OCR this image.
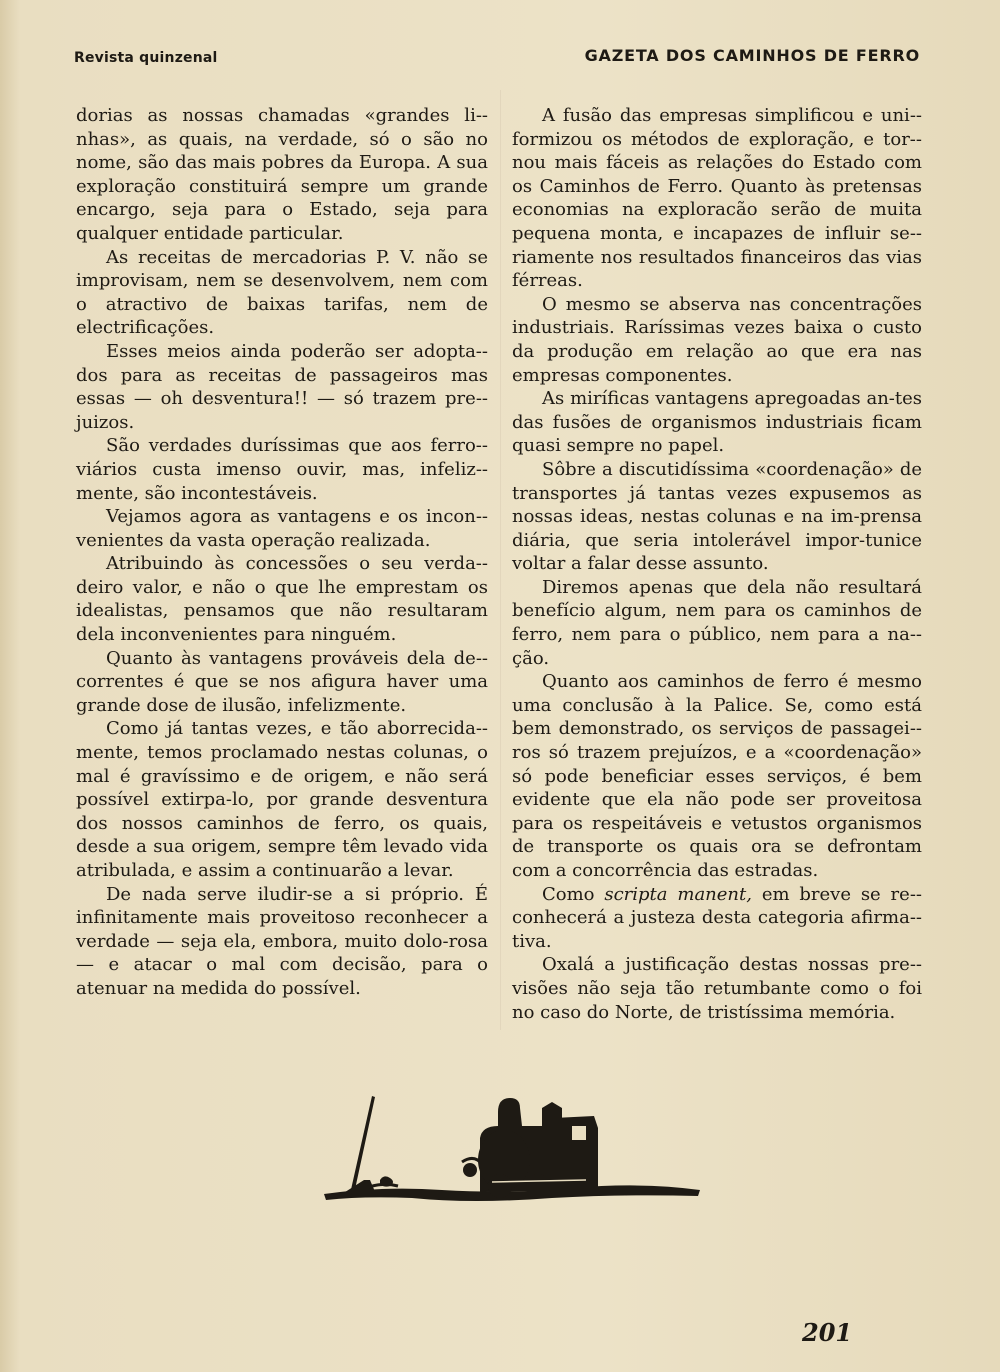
Revista quinzenal	GAZETA DOS CAMINHOS DE FERRO

dorias as nossas chamadas «grandes li-nhas», as quais, na verdade, só o são no nome, são das mais pobres da Europa. A sua exploração constituirá sempre um grande encargo, seja para o Estado, seja para qualquer entidade particular.

As receitas de mercadorias P. V. não se improvisam, nem se desenvolvem, nem com o atractivo de baixas tarifas, nem de electrificações.

Esses meios ainda poderão ser adopta-dos para as receitas de passageiros mas essas — oh desventura!! — só trazem pre-juizos.

São verdades duríssimas que aos ferro-viários custa imenso ouvir, mas, infeliz-mente, são incontestáveis.

Vejamos agora as vantagens e os incon-venientes da vasta operação realizada.

Atribuindo às concessões o seu verda-deiro valor, e não o que lhe emprestam os idealistas, pensamos que não resultaram dela inconvenientes para ninguém.

Quanto às vantagens prováveis dela de-correntes é que se nos afigura haver uma grande dose de ilusão, infelizmente.

Como já tantas vezes, e tão aborrecida-mente, temos proclamado nestas colunas, o mal é gravíssimo e de origem, e não será possível extirpa-lo, por grande desventura dos nossos caminhos de ferro, os quais, desde a sua origem, sempre têm levado vida atribulada, e assim a continuarão a levar.

De nada serve iludir-se a si próprio. É infinitamente mais proveitoso reconhecer a verdade — seja ela, embora, muito dolo-rosa — e atacar o mal com decisão, para o atenuar na medida do possível.

A fusão das empresas simplificou e uni-formizou os métodos de exploração, e tor-nou mais fáceis as relações do Estado com os Caminhos de Ferro. Quanto às pretensas economias na exploracão serão de muita pequena monta, e incapazes de influir se-riamente nos resultados financeiros das vias férreas.

O mesmo se abserva nas concentrações industriais. Raríssimas vezes baixa o custo da produção em relação ao que era nas empresas componentes.

As miríficas vantagens apregoadas an-tes das fusões de organismos industriais ficam quasi sempre no papel.

Sôbre a discutidíssima «coordenação» de transportes já tantas vezes expusemos as nossas ideas, nestas colunas e na im-prensa diária, que seria intolerável impor-tunice voltar a falar desse assunto.

Diremos apenas que dela não resultará benefício algum, nem para os caminhos de ferro, nem para o público, nem para a na-ção.

Quanto aos caminhos de ferro é mesmo uma conclusão à la Palice. Se, como está bem demonstrado, os serviços de passagei-ros só trazem prejuízos, e a «coordenação» só pode beneficiar esses serviços, é bem evidente que ela não pode ser proveitosa para os respeitáveis e vetustos organismos de transporte os quais ora se defrontam com a concorrência das estradas.

Como scripta manent, em breve se re-conhecerá a justeza desta categoria afirma-tiva.

Oxalá a justificação destas nossas pre-visões não seja tão retumbante como o foi no caso do Norte, de tristíssima memória.

201
